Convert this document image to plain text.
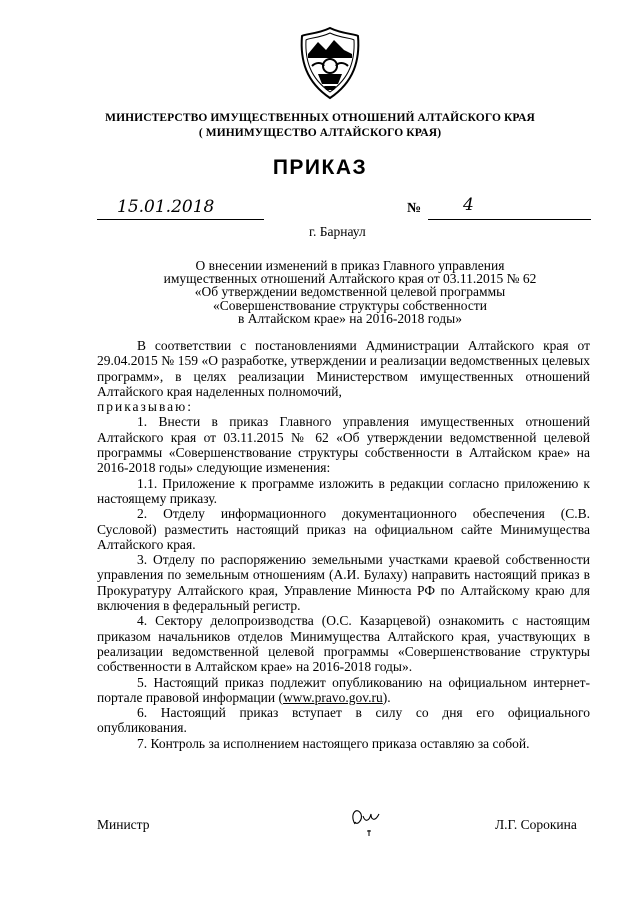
МИНИСТЕРСТВО ИМУЩЕСТВЕННЫХ ОТНОШЕНИЙ АЛТАЙСКОГО КРАЯ
( МИНИМУЩЕСТВО АЛТАЙСКОГО КРАЯ)
ПРИКАЗ
15.01.2018	№ 4
г. Барнаул
О внесении изменений в приказ Главного управления
имущественных отношений Алтайского края от 03.11.2015 № 62
«Об утверждении ведомственной целевой программы
«Совершенствование структуры собственности
в Алтайском крае» на 2016-2018 годы»

В соответствии с постановлениями Администрации Алтайского края от 29.04.2015 № 159 «О разработке, утверждении и реализации ведомственных целевых программ», в целях реализации Министерством имущественных отношений Алтайского края наделенных полномочий,

приказываю:

1. Внести в приказ Главного управления имущественных отношений Алтайского края от 03.11.2015 № 62 «Об утверждении ведомственной целевой программы «Совершенствование структуры собственности в Алтайском крае» на 2016-2018 годы» следующие изменения:

1.1. Приложение к программе изложить в редакции согласно приложению к настоящему приказу.

2. Отделу информационного документационного обеспечения (С.В. Сусловой) разместить настоящий приказ на официальном сайте Минимущества Алтайского края.

3. Отделу по распоряжению земельными участками краевой собственности управления по земельным отношениям (А.И. Булаху) направить настоящий приказ в Прокуратуру Алтайского края, Управление Минюста РФ по Алтайскому краю для включения в федеральный регистр.

4. Сектору делопроизводства (О.С. Казарцевой) ознакомить с настоящим приказом начальников отделов Минимущества Алтайского края, участвующих в реализации ведомственной целевой программы «Совершенствование структуры собственности в Алтайском крае» на 2016-2018 годы».

5. Настоящий приказ подлежит опубликованию на официальном интернет-портале правовой информации (www.pravo.gov.ru).

6. Настоящий приказ вступает в силу со дня его официального опубликования.

7. Контроль за исполнением настоящего приказа оставляю за собой.

Министр	Л.Г. Сорокина
